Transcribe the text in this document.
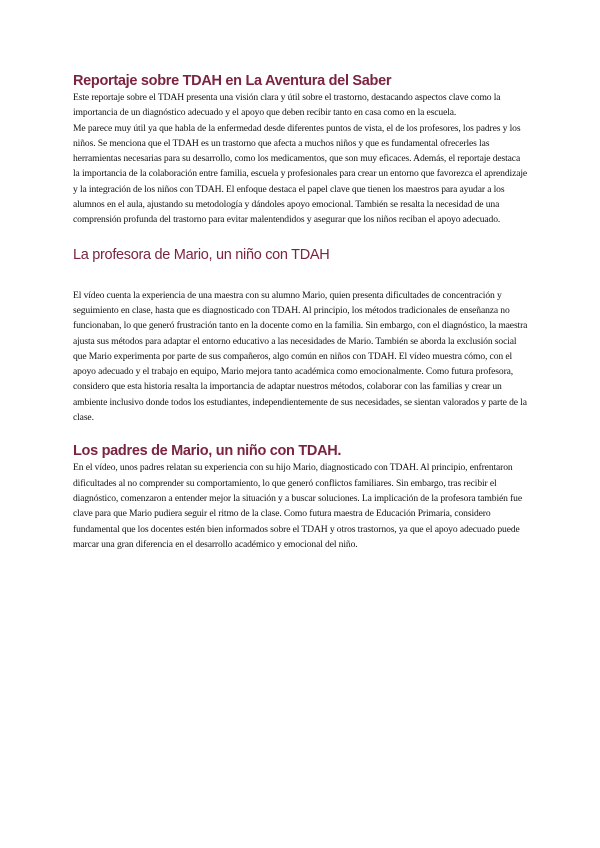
Reportaje sobre TDAH en La Aventura del Saber

Este reportaje sobre el TDAH presenta una visión clara y útil sobre el trastorno, destacando aspectos clave como la importancia de un diagnóstico adecuado y el apoyo que deben recibir tanto en casa como en la escuela.

Me parece muy útil ya que habla de la enfermedad desde diferentes puntos de vista, el de los profesores, los padres y los niños. Se menciona que el TDAH es un trastorno que afecta a muchos niños y que es fundamental ofrecerles las herramientas necesarias para su desarrollo, como los medicamentos, que son muy eficaces. Además, el reportaje destaca la importancia de la colaboración entre familia, escuela y profesionales para crear un entorno que favorezca el aprendizaje y la integración de los niños con TDAH. El enfoque destaca el papel clave que tienen los maestros para ayudar a los alumnos en el aula, ajustando su metodología y dándoles apoyo emocional. También se resalta la necesidad de una comprensión profunda del trastorno para evitar malentendidos y asegurar que los niños reciban el apoyo adecuado.

La profesora de Mario, un niño con TDAH

El vídeo cuenta la experiencia de una maestra con su alumno Mario, quien presenta dificultades de concentración y seguimiento en clase, hasta que es diagnosticado con TDAH. Al principio, los métodos tradicionales de enseñanza no funcionaban, lo que generó frustración tanto en la docente como en la familia. Sin embargo, con el diagnóstico, la maestra ajusta sus métodos para adaptar el entorno educativo a las necesidades de Mario. También se aborda la exclusión social que Mario experimenta por parte de sus compañeros, algo común en niños con TDAH. El vídeo muestra cómo, con el apoyo adecuado y el trabajo en equipo, Mario mejora tanto académica como emocionalmente. Como futura profesora, considero que esta historia resalta la importancia de adaptar nuestros métodos, colaborar con las familias y crear un ambiente inclusivo donde todos los estudiantes, independientemente de sus necesidades, se sientan valorados y parte de la clase.

Los padres de Mario, un niño con TDAH.

En el vídeo, unos padres relatan su experiencia con su hijo Mario, diagnosticado con TDAH. Al principio, enfrentaron dificultades al no comprender su comportamiento, lo que generó conflictos familiares. Sin embargo, tras recibir el diagnóstico, comenzaron a entender mejor la situación y a buscar soluciones. La implicación de la profesora también fue clave para que Mario pudiera seguir el ritmo de la clase. Como futura maestra de Educación Primaria, considero fundamental que los docentes estén bien informados sobre el TDAH y otros trastornos, ya que el apoyo adecuado puede marcar una gran diferencia en el desarrollo académico y emocional del niño.
